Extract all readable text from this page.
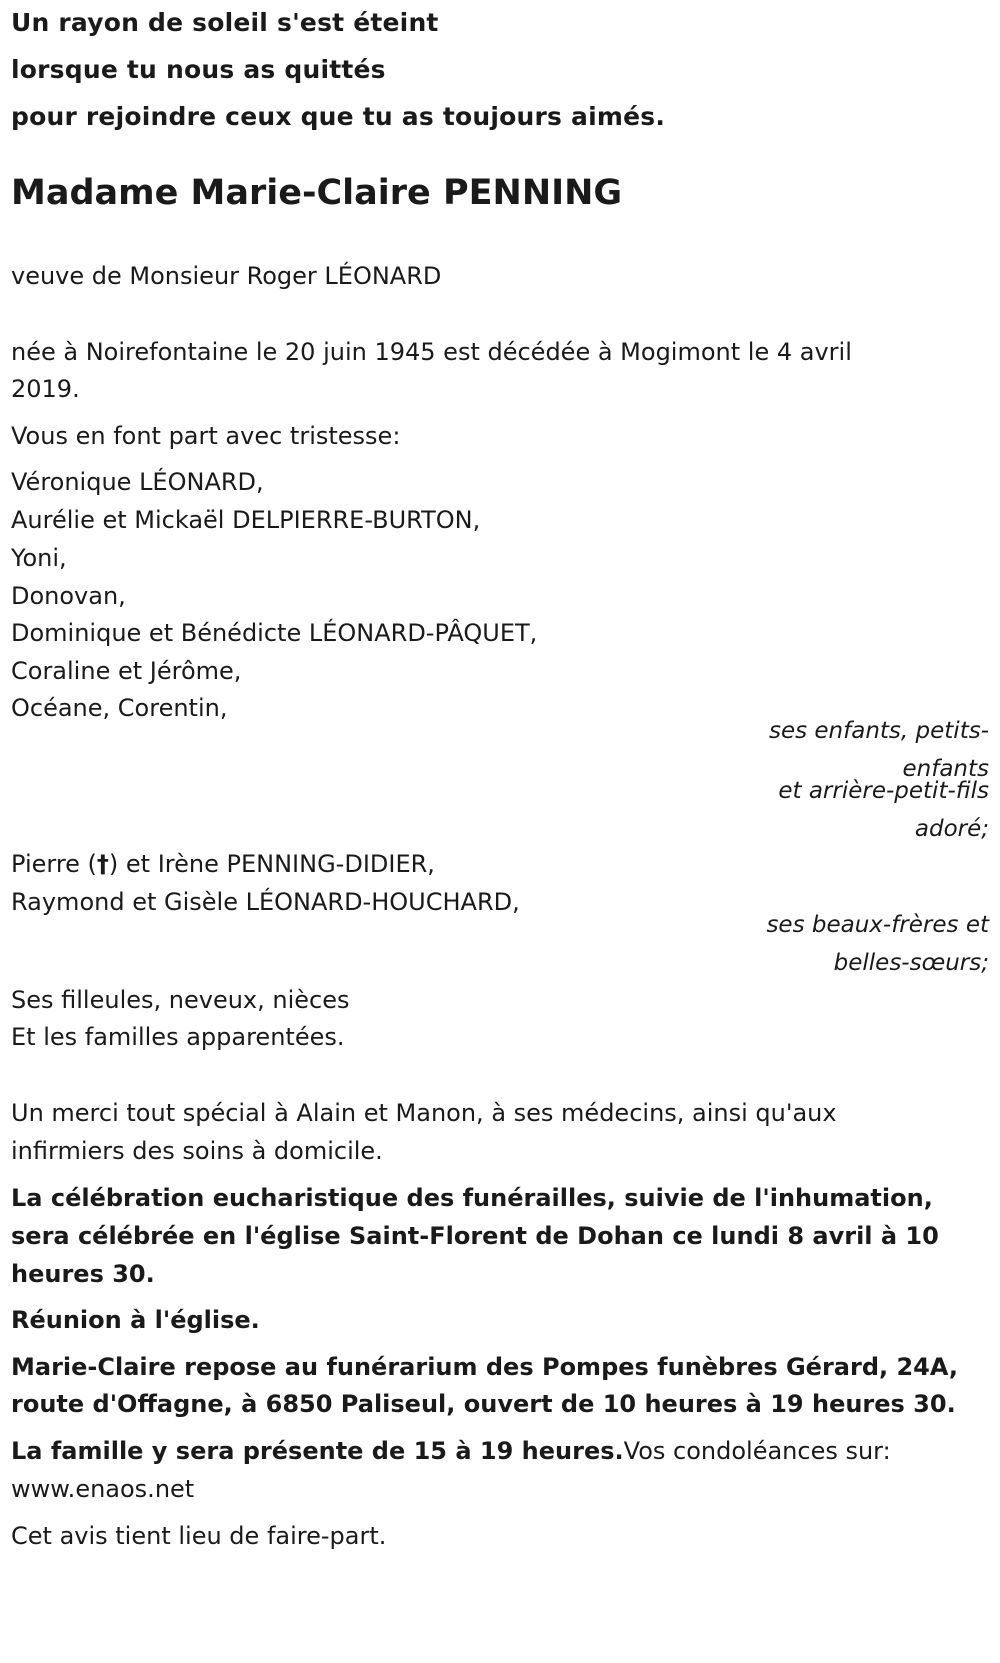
Un rayon de soleil s'est éteint
lorsque tu nous as quittés
pour rejoindre ceux que tu as toujours aimés.
Madame Marie-Claire PENNING
veuve de Monsieur Roger LÉONARD
née à Noirefontaine le 20 juin 1945 est décédée à Mogimont le 4 avril
2019.
Vous en font part avec tristesse:
Véronique LÉONARD,
Aurélie et Mickaël DELPIERRE-BURTON,
Yoni,
Donovan,
Dominique et Bénédicte LÉONARD-PÂQUET,
Coraline et Jérôme,
Océane, Corentin,
ses enfants, petits-
enfants
et arrière-petit-fils
adoré;
Pierre (†) et Irène PENNING-DIDIER,
Raymond et Gisèle LÉONARD-HOUCHARD,
ses beaux-frères et
belles-sœurs;
Ses filleules, neveux, nièces
Et les familles apparentées.
Un merci tout spécial à Alain et Manon, à ses médecins, ainsi qu'aux
infirmiers des soins à domicile.
La célébration eucharistique des funérailles, suivie de l'inhumation,
sera célébrée en l'église Saint-Florent de Dohan ce lundi 8 avril à 10
heures 30.
Réunion à l'église.
Marie-Claire repose au funérarium des Pompes funèbres Gérard, 24A,
route d'Offagne, à 6850 Paliseul, ouvert de 10 heures à 19 heures 30.
La famille y sera présente de 15 à 19 heures.Vos condoléances sur:
www.enaos.net
Cet avis tient lieu de faire-part.
